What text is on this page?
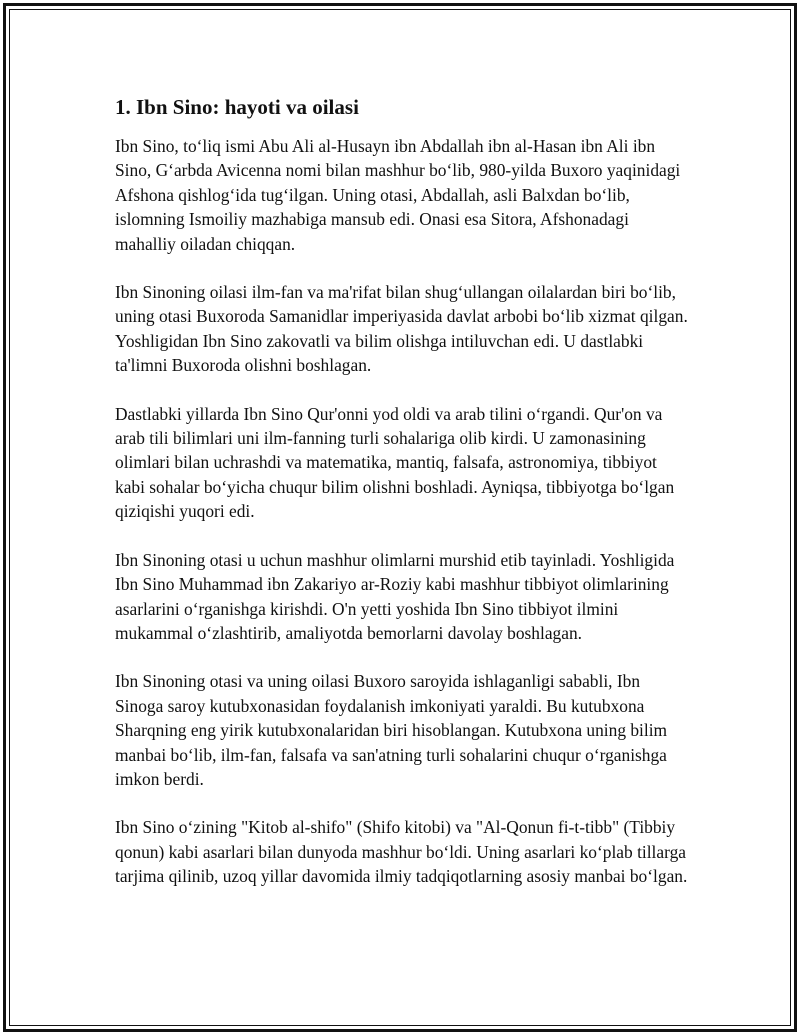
1. Ibn Sino: hayoti va oilasi

Ibn Sino, to‘liq ismi Abu Ali al-Husayn ibn Abdallah ibn al-Hasan ibn Ali ibn Sino, G‘arbda Avicenna nomi bilan mashhur bo‘lib, 980-yilda Buxoro yaqinidagi Afshona qishlog‘ida tug‘ilgan. Uning otasi, Abdallah, asli Balxdan bo‘lib, islomning Ismoiliy mazhabiga mansub edi. Onasi esa Sitora, Afshonadagi mahalliy oiladan chiqqan.

Ibn Sinoning oilasi ilm-fan va ma'rifat bilan shug‘ullangan oilalardan biri bo‘lib, uning otasi Buxoroda Samanidlar imperiyasida davlat arbobi bo‘lib xizmat qilgan. Yoshligidan Ibn Sino zakovatli va bilim olishga intiluvchan edi. U dastlabki ta'limni Buxoroda olishni boshlagan.

Dastlabki yillarda Ibn Sino Qur'onni yod oldi va arab tilini o‘rgandi. Qur'on va arab tili bilimlari uni ilm-fanning turli sohalariga olib kirdi. U zamonasining olimlari bilan uchrashdi va matematika, mantiq, falsafa, astronomiya, tibbiyot kabi sohalar bo‘yicha chuqur bilim olishni boshladi. Ayniqsa, tibbiyotga bo‘lgan qiziqishi yuqori edi.

Ibn Sinoning otasi u uchun mashhur olimlarni murshid etib tayinladi. Yoshligida Ibn Sino Muhammad ibn Zakariyo ar-Roziy kabi mashhur tibbiyot olimlarining asarlarini o‘rganishga kirishdi. O'n yetti yoshida Ibn Sino tibbiyot ilmini mukammal o‘zlashtirib, amaliyotda bemorlarni davolay boshlagan.

Ibn Sinoning otasi va uning oilasi Buxoro saroyida ishlaganligi sababli, Ibn Sinoga saroy kutubxonasidan foydalanish imkoniyati yaraldi. Bu kutubxona Sharqning eng yirik kutubxonalaridan biri hisoblangan. Kutubxona uning bilim manbai bo‘lib, ilm-fan, falsafa va san'atning turli sohalarini chuqur o‘rganishga imkon berdi.

Ibn Sino o‘zining "Kitob al-shifo" (Shifo kitobi) va "Al-Qonun fi-t-tibb" (Tibbiy qonun) kabi asarlari bilan dunyoda mashhur bo‘ldi. Uning asarlari ko‘plab tillarga tarjima qilinib, uzoq yillar davomida ilmiy tadqiqotlarning asosiy manbai bo‘lgan.
